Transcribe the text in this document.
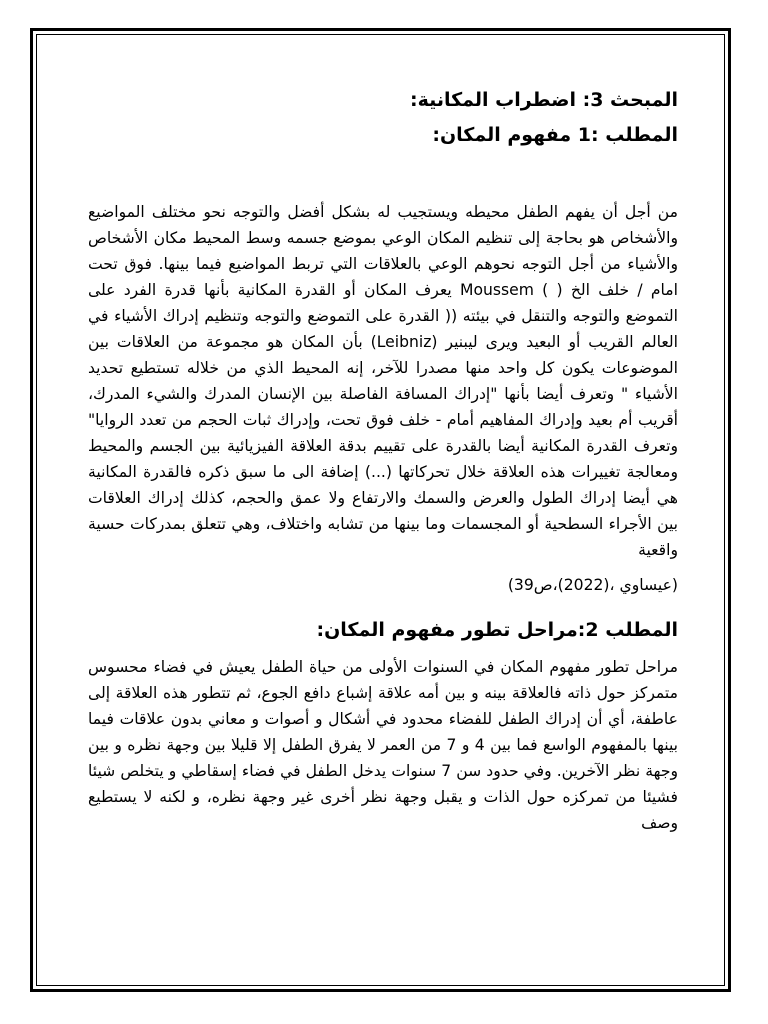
المبحث 3: اضطراب المكانية:

المطلب :1 مفهوم المكان:

من أجل أن يفهم الطفل محيطه ويستجيب له بشكل أفضل والتوجه نحو مختلف المواضيع والأشخاص هو بحاجة إلى تنظيم المكان الوعي بموضع جسمه وسط المحيط مكان الأشخاص والأشياء من أجل التوجه نحوهم الوعي بالعلاقات التي تربط المواضيع فيما بينها. فوق تحت امام / خلف الخ ( ) Moussem يعرف المكان أو القدرة المكانية بأنها قدرة الفرد على التموضع والتوجه والتنقل في بيئته (( القدرة على التموضع والتوجه وتنظيم إدراك الأشياء في العالم القريب أو البعيد ويرى ليبنير (Leibniz) بأن المكان هو مجموعة من العلاقات بين الموضوعات يكون كل واحد منها مصدرا للآخر، إنه المحيط الذي من خلاله تستطيع تحديد الأشياء " وتعرف أيضا بأنها "إدراك المسافة الفاصلة بين الإنسان المدرك والشيء المدرك، أقريب أم بعيد وإدراك المفاهيم أمام - خلف فوق تحت، وإدراك ثبات الحجم من تعدد الروايا" وتعرف القدرة المكانية أيضا بالقدرة على تقييم بدقة العلاقة الفيزيائية بين الجسم والمحيط ومعالجة تغييرات هذه العلاقة خلال تحركاتها (...) إضافة الى ما سبق ذكره فالقدرة المكانية هي أيضا إدراك الطول والعرض والسمك والارتفاع ولا عمق والحجم، كذلك إدراك العلاقات بين الأجراء السطحية أو المجسمات وما بينها من تشابه واختلاف، وهي تتعلق بمدركات حسية واقعية

(عيساوي ،(2022)،ص39)

المطلب 2:مراحل تطور مفهوم المكان:

مراحل تطور مفهوم المكان في السنوات الأولى من حياة الطفل يعيش في فضاء محسوس متمركز حول ذاته فالعلاقة بينه و بين أمه علاقة إشباع دافع الجوع، ثم تتطور هذه العلاقة إلى عاطفة، أي أن إدراك الطفل للفضاء محدود في أشكال و أصوات و معاني بدون علاقات فيما بينها بالمفهوم الواسع فما بين 4 و 7 من العمر لا يفرق الطفل إلا قليلا بين وجهة نظره و بين وجهة نظر الآخرين. وفي حدود سن 7 سنوات يدخل الطفل في فضاء إسقاطي و يتخلص شيئا فشيئا من تمركزه حول الذات و يقبل وجهة نظر أخرى غير وجهة نظره، و لكنه لا يستطيع وصف
